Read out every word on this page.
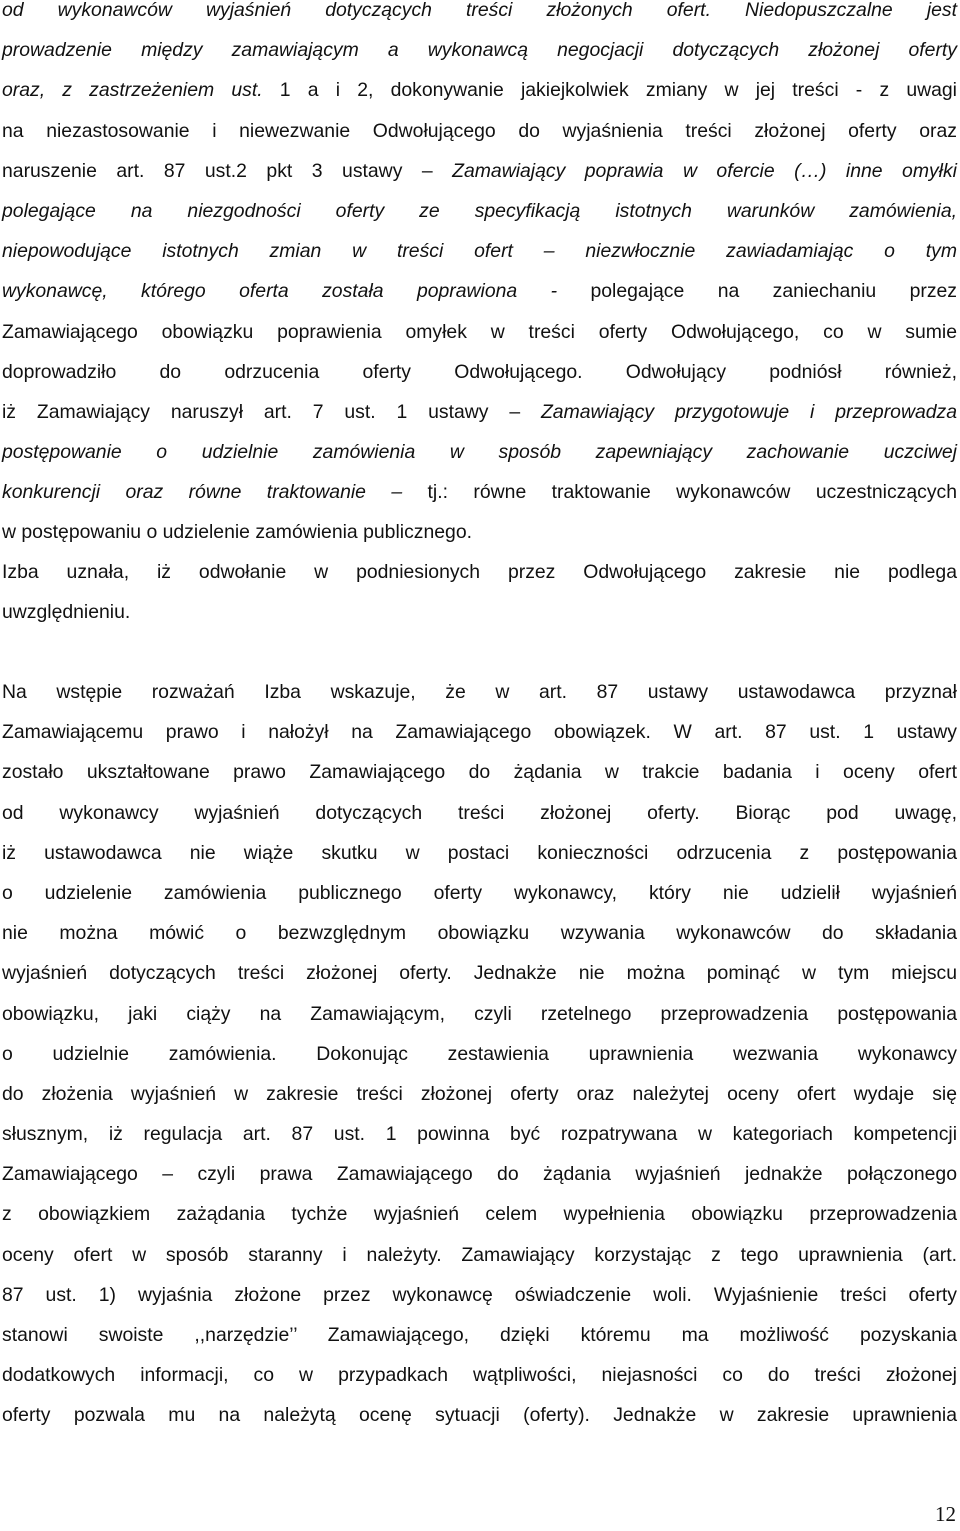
od wykonawców wyjaśnień dotyczących treści złożonych ofert. Niedopuszczalne jest
prowadzenie między zamawiającym a wykonawcą negocjacji dotyczących złożonej oferty
oraz, z zastrzeżeniem ust. 1 a i 2, dokonywanie jakiejkolwiek zmiany w jej treści - z uwagi
na niezastosowanie i niewezwanie Odwołującego do wyjaśnienia treści złożonej oferty oraz
naruszenie art. 87 ust.2 pkt 3 ustawy – Zamawiający poprawia w ofercie (…) inne omyłki
polegające na niezgodności oferty ze specyfikacją istotnych warunków zamówienia,
niepowodujące istotnych zmian w treści ofert – niezwłocznie zawiadamiając o tym
wykonawcę, którego oferta została poprawiona - polegające na zaniechaniu przez
Zamawiającego obowiązku poprawienia omyłek w treści oferty Odwołującego, co w sumie
doprowadziło do odrzucenia oferty Odwołującego. Odwołujący podniósł również,
iż Zamawiający naruszył art. 7 ust. 1 ustawy – Zamawiający przygotowuje i przeprowadza
postępowanie o udzielnie zamówienia w sposób zapewniający zachowanie uczciwej
konkurencji oraz równe traktowanie – tj.: równe traktowanie wykonawców uczestniczących
w postępowaniu o udzielenie zamówienia publicznego.
Izba uznała, iż odwołanie w podniesionych przez Odwołującego zakresie nie podlega
uwzględnieniu.
Na wstępie rozważań Izba wskazuje, że w art. 87 ustawy ustawodawca przyznał
Zamawiającemu prawo i nałożył na Zamawiającego obowiązek. W art. 87 ust. 1 ustawy
zostało ukształtowane prawo Zamawiającego do żądania w trakcie badania i oceny ofert
od wykonawcy wyjaśnień dotyczących treści złożonej oferty. Biorąc pod uwagę,
iż ustawodawca nie wiąże skutku w postaci konieczności odrzucenia z postępowania
o udzielenie zamówienia publicznego oferty wykonawcy, który nie udzielił wyjaśnień
nie można mówić o bezwzględnym obowiązku wzywania wykonawców do składania
wyjaśnień dotyczących treści złożonej oferty. Jednakże nie można pominąć w tym miejscu
obowiązku, jaki ciąży na Zamawiającym, czyli rzetelnego przeprowadzenia postępowania
o udzielnie zamówienia. Dokonując zestawienia uprawnienia wezwania wykonawcy
do złożenia wyjaśnień w zakresie treści złożonej oferty oraz należytej oceny ofert wydaje się
słusznym, iż regulacja art. 87 ust. 1 powinna być rozpatrywana w kategoriach kompetencji
Zamawiającego – czyli prawa Zamawiającego do żądania wyjaśnień jednakże połączonego
z obowiązkiem zażądania tychże wyjaśnień celem wypełnienia obowiązku przeprowadzenia
oceny ofert w sposób staranny i należyty. Zamawiający korzystając z tego uprawnienia (art.
87 ust. 1) wyjaśnia złożone przez wykonawcę oświadczenie woli. Wyjaśnienie treści oferty
stanowi swoiste ,,narzędzie’’ Zamawiającego, dzięki któremu ma możliwość pozyskania
dodatkowych informacji, co w przypadkach wątpliwości, niejasności co do treści złożonej
oferty pozwala mu na należytą ocenę sytuacji (oferty). Jednakże w zakresie uprawnienia
12
